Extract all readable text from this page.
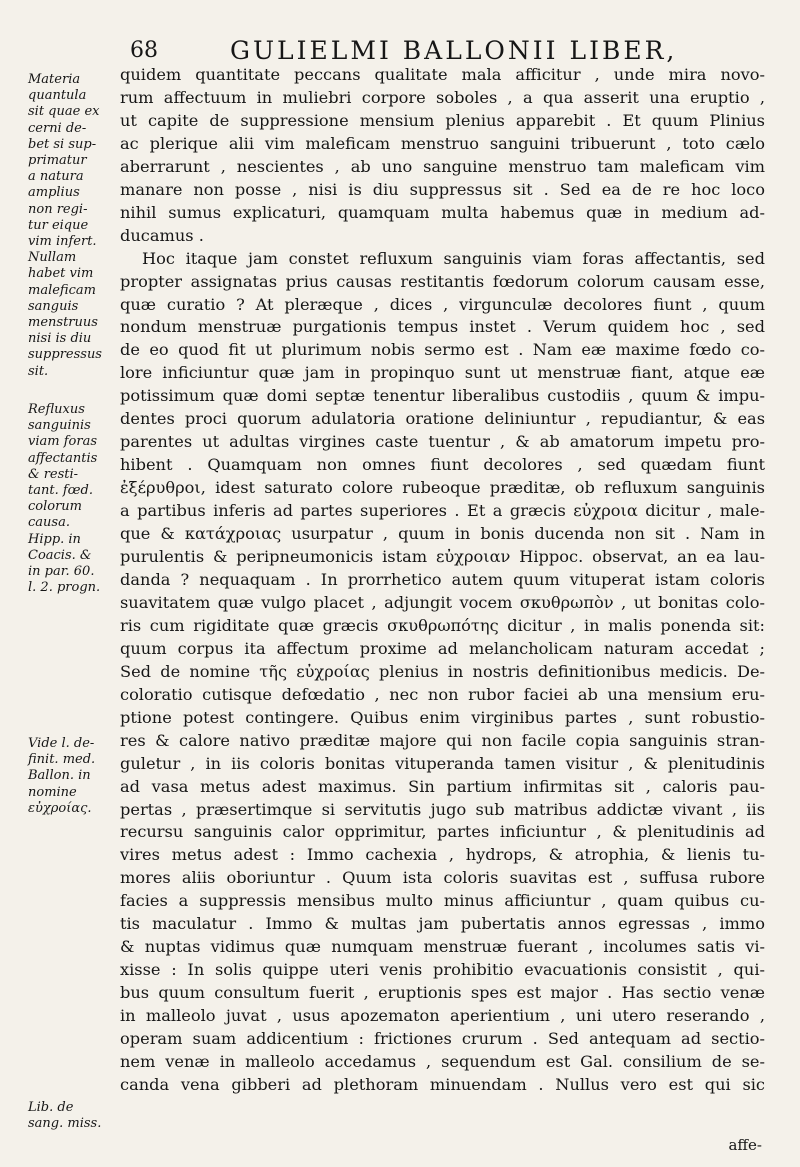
68	GULIELMI BALLONII LIBER,
Materia
quantula
sit quae ex
cerni de-
bet si sup-
primatur
a natura
amplius
non regi-
tur eique
vim infert.
Nullam
habet vim
maleficam
sanguis
menstruus
nisi is diu
suppressus
sit.
Refluxus
sanguinis
viam foras
affectantis
& resti-
tant. fœd.
colorum
causa.
Hipp. in
Coacis. &
in par. 60.
l. 2. progn.
Vide l. de-
finit. med.
Ballon. in
nomine
εὐχροίας.
Lib. de
sang. miss.
quidem quantitate peccans qualitate mala afficitur , unde mira novo-
rum affectuum in muliebri corpore soboles , a qua asserit una eruptio ,
ut capite de suppressione mensium plenius apparebit . Et quum Plinius
ac plerique alii vim maleficam menstruo sanguini tribuerunt , toto cælo
aberrarunt , nescientes , ab uno sanguine menstruo tam maleficam vim
manare non posse , nisi is diu suppressus sit . Sed ea de re hoc loco
nihil sumus explicaturi, quamquam multa habemus quæ in medium ad-
ducamus .
Hoc itaque jam constet refluxum sanguinis viam foras affectantis, sed
propter assignatas prius causas restitantis fœdorum colorum causam esse,
quæ curatio ? At pleræque , dices , virgunculæ decolores fiunt , quum
nondum menstruæ purgationis tempus instet . Verum quidem hoc , sed
de eo quod fit ut plurimum nobis sermo est . Nam eæ maxime fœdo co-
lore inficiuntur quæ jam in propinquo sunt ut menstruæ fiant, atque eæ
potissimum quæ domi septæ tenentur liberalibus custodiis , quum & impu-
dentes proci quorum adulatoria oratione deliniuntur , repudiantur, & eas
parentes ut adultas virgines caste tuentur , & ab amatorum impetu pro-
hibent . Quamquam non omnes fiunt decolores , sed quædam fiunt
ἐξέρυθροι, idest saturato colore rubeoque præditæ, ob refluxum sanguinis
a partibus inferis ad partes superiores . Et a græcis εὐχροια dicitur , male-
que & κατάχροιας usurpatur , quum in bonis ducenda non sit . Nam in
purulentis & peripneumonicis istam εὐχροιαν Hippoc. observat, an ea lau-
danda ? nequaquam . In prorrhetico autem quum vituperat istam coloris
suavitatem quæ vulgo placet , adjungit vocem σκυθρωπὸν , ut bonitas colo-
ris cum rigiditate quæ græcis σκυθρωπότης dicitur , in malis ponenda sit:
quum corpus ita affectum proxime ad melancholicam naturam accedat ;
Sed de nomine τῆς εὐχροίας plenius in nostris definitionibus medicis. De-
coloratio cutisque defœdatio , nec non rubor faciei ab una mensium eru-
ptione potest contingere. Quibus enim virginibus partes , sunt robustio-
res & calore nativo præditæ majore qui non facile copia sanguinis stran-
guletur , in iis coloris bonitas vituperanda tamen visitur , & plenitudinis
ad vasa metus adest maximus. Sin partium infirmitas sit , caloris pau-
pertas , præsertimque si servitutis jugo sub matribus addictæ vivant , iis
recursu sanguinis calor opprimitur, partes inficiuntur , & plenitudinis ad
vires metus adest : Immo cachexia , hydrops, & atrophia, & lienis tu-
mores aliis oboriuntur . Quum ista coloris suavitas est , suffusa rubore
facies a suppressis mensibus multo minus afficiuntur , quam quibus cu-
tis maculatur . Immo & multas jam pubertatis annos egressas , immo
& nuptas vidimus quæ numquam menstruæ fuerant , incolumes satis vi-
xisse : In solis quippe uteri venis prohibitio evacuationis consistit , qui-
bus quum consultum fuerit , eruptionis spes est major . Has sectio venæ
in malleolo juvat , usus apozematon aperientium , uni utero reserando ,
operam suam addicentium : frictiones crurum . Sed antequam ad sectio-
nem venæ in malleolo accedamus , sequendum est Gal. consilium de se-
canda vena gibberi ad plethoram minuendam . Nullus vero est qui sic
affe-
